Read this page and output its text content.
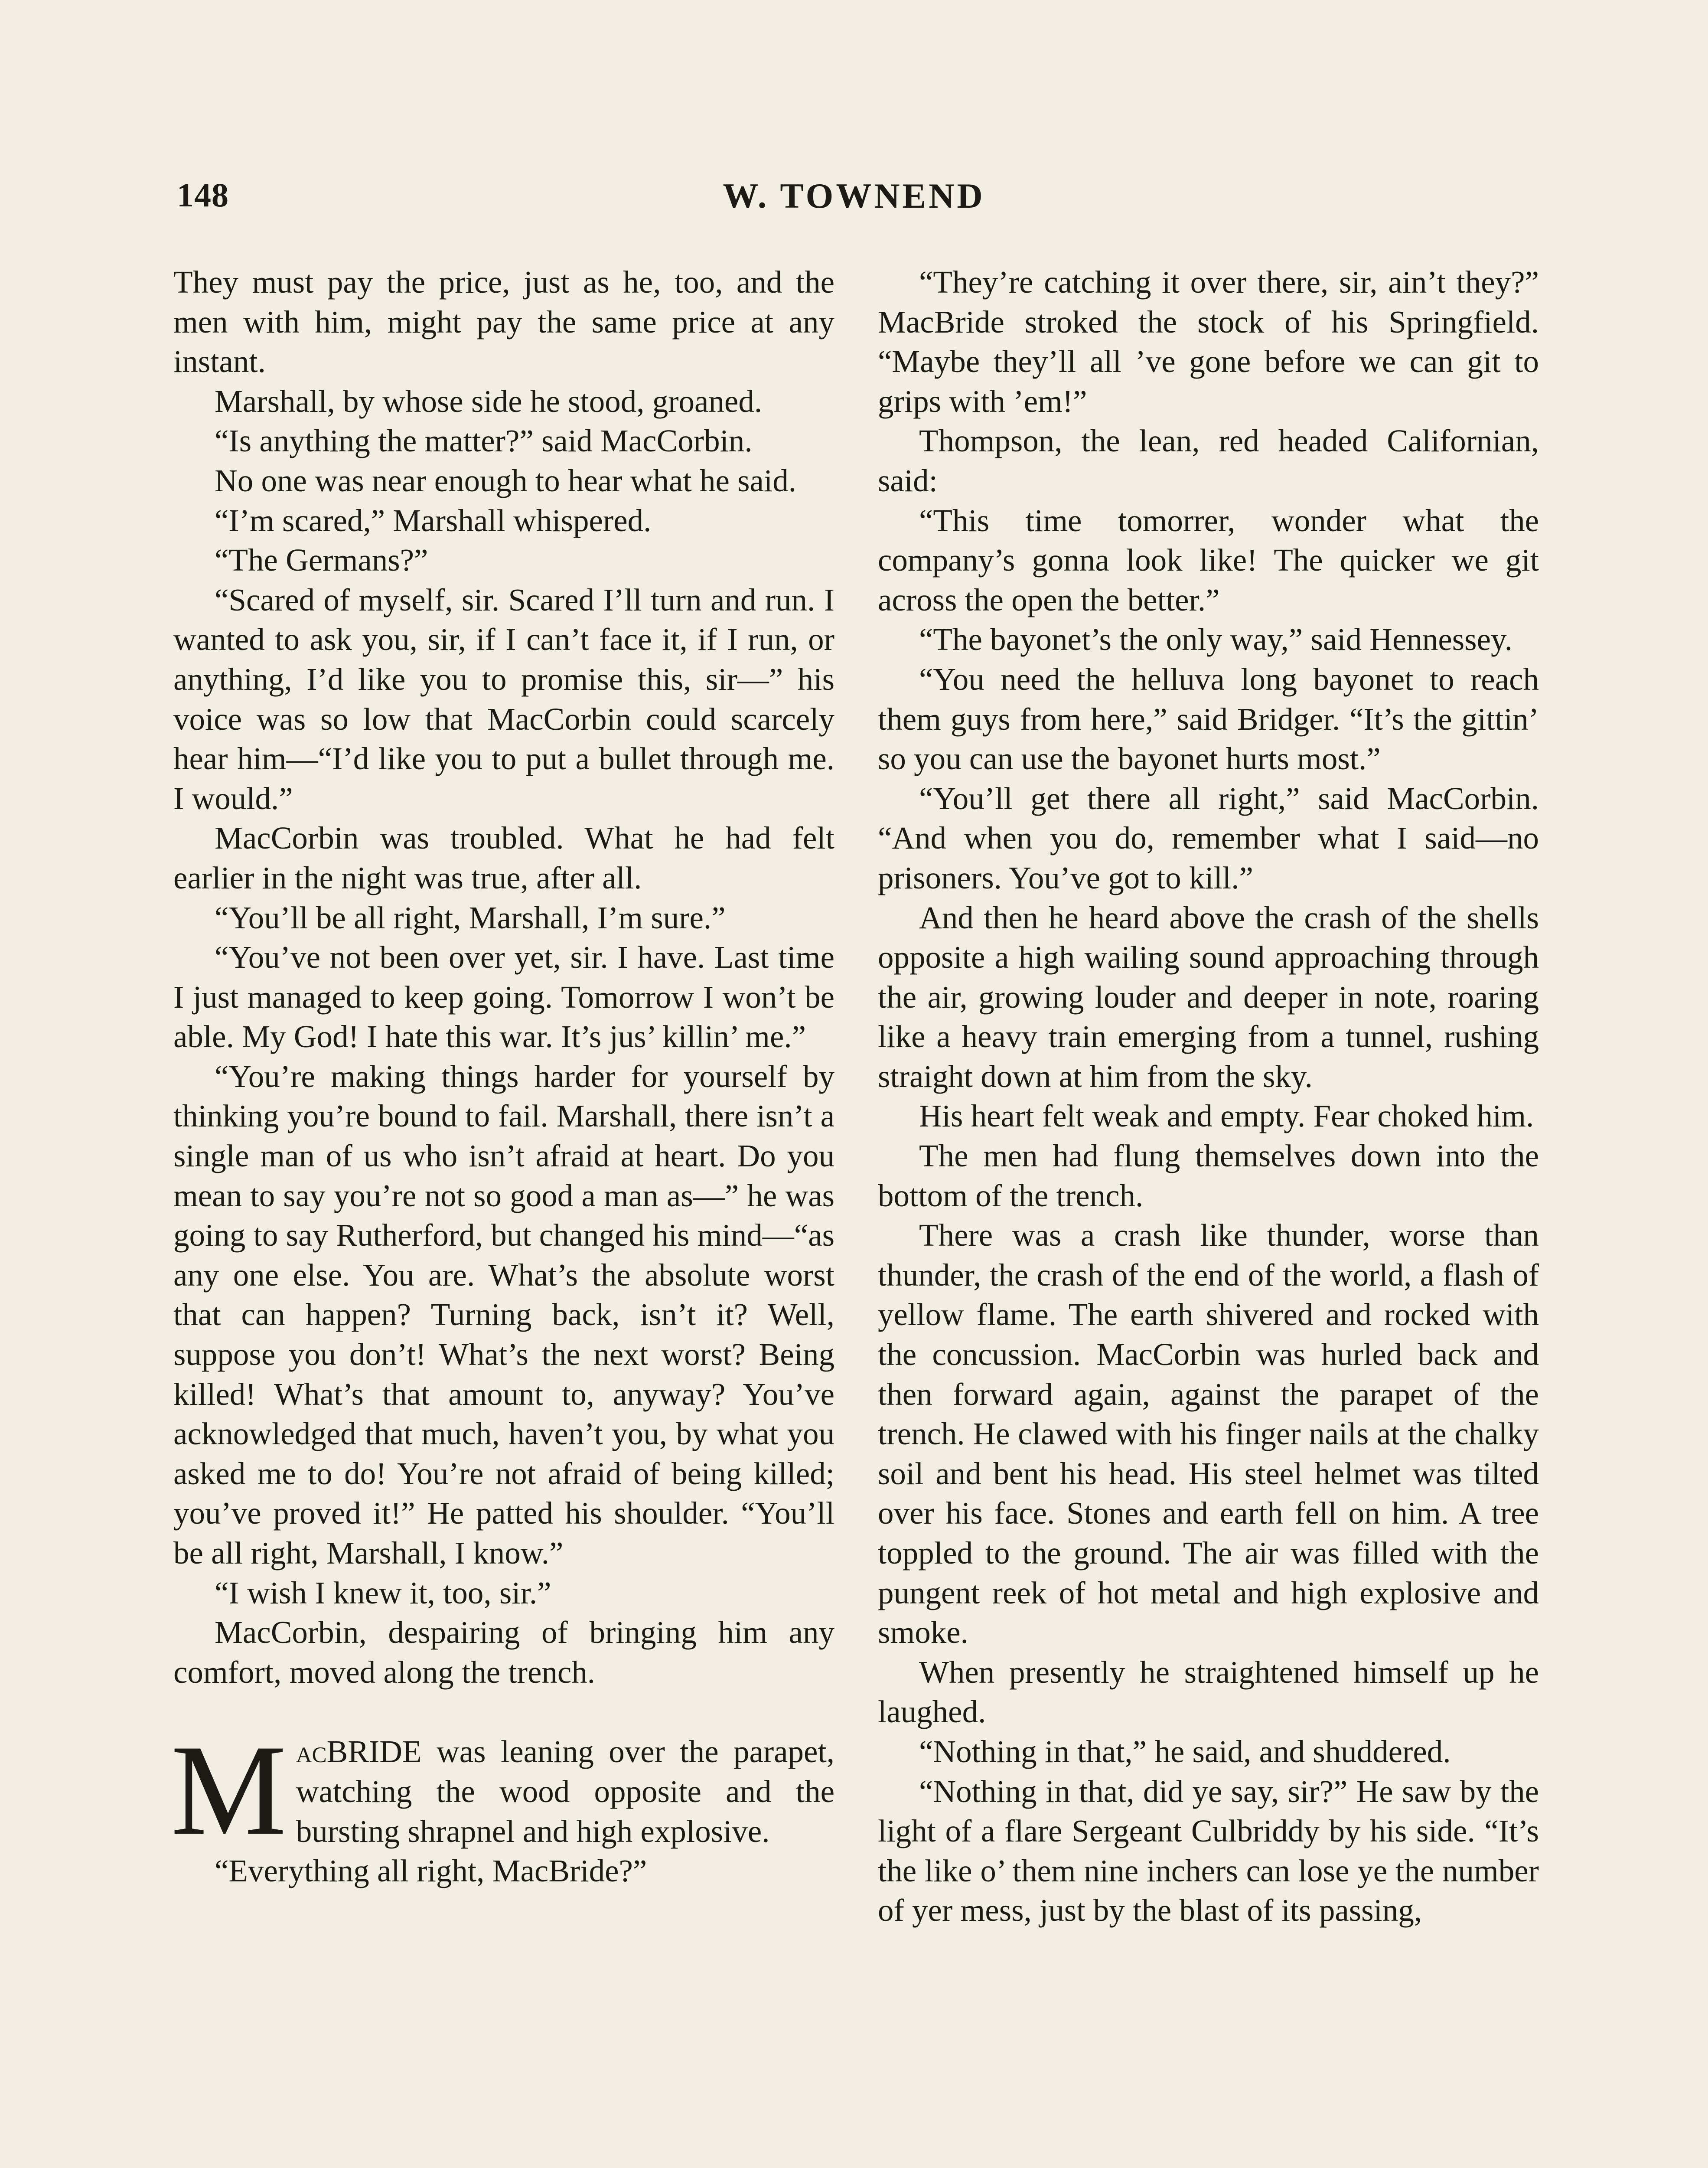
148	W. TOWNEND

They must pay the price, just as he, too, and the men with him, might pay the same price at any instant.

Marshall, by whose side he stood, groaned.

“Is anything the matter?” said MacCorbin.

No one was near enough to hear what he said.

“I’m scared,” Marshall whispered.

“The Germans?”

“Scared of myself, sir. Scared I’ll turn and run. I wanted to ask you, sir, if I can’t face it, if I run, or anything, I’d like you to promise this, sir—” his voice was so low that MacCorbin could scarcely hear him—“I’d like you to put a bullet through me. I would.”

MacCorbin was troubled. What he had felt earlier in the night was true, after all.

“You’ll be all right, Marshall, I’m sure.”

“You’ve not been over yet, sir. I have. Last time I just managed to keep going. Tomorrow I won’t be able. My God! I hate this war. It’s jus’ killin’ me.”

“You’re making things harder for yourself by thinking you’re bound to fail. Marshall, there isn’t a single man of us who isn’t afraid at heart. Do you mean to say you’re not so good a man as—” he was going to say Rutherford, but changed his mind—“as any one else. You are. What’s the absolute worst that can happen? Turning back, isn’t it? Well, suppose you don’t! What’s the next worst? Being killed! What’s that amount to, anyway? You’ve acknowledged that much, haven’t you, by what you asked me to do! You’re not afraid of being killed; you’ve proved it!” He patted his shoulder. “You’ll be all right, Marshall, I know.”

“I wish I knew it, too, sir.”

MacCorbin, despairing of bringing him any comfort, moved along the trench.

MacBRIDE was leaning over the parapet, watching the wood opposite and the bursting shrapnel and high explosive.

“Everything all right, MacBride?”

“They’re catching it over there, sir, ain’t they?” MacBride stroked the stock of his Springfield. “Maybe they’ll all ’ve gone before we can git to grips with ’em!”

Thompson, the lean, red headed Californian, said:

“This time tomorrer, wonder what the company’s gonna look like! The quicker we git across the open the better.”

“The bayonet’s the only way,” said Hennessey.

“You need the helluva long bayonet to reach them guys from here,” said Bridger. “It’s the gittin’ so you can use the bayonet hurts most.”

“You’ll get there all right,” said MacCorbin. “And when you do, remember what I said—no prisoners. You’ve got to kill.”

And then he heard above the crash of the shells opposite a high wailing sound approaching through the air, growing louder and deeper in note, roaring like a heavy train emerging from a tunnel, rushing straight down at him from the sky.

His heart felt weak and empty. Fear choked him.

The men had flung themselves down into the bottom of the trench.

There was a crash like thunder, worse than thunder, the crash of the end of the world, a flash of yellow flame. The earth shivered and rocked with the concussion. MacCorbin was hurled back and then forward again, against the parapet of the trench. He clawed with his finger nails at the chalky soil and bent his head. His steel helmet was tilted over his face. Stones and earth fell on him. A tree toppled to the ground. The air was filled with the pungent reek of hot metal and high explosive and smoke.

When presently he straightened himself up he laughed.

“Nothing in that,” he said, and shuddered.

“Nothing in that, did ye say, sir?” He saw by the light of a flare Sergeant Culbriddy by his side. “It’s the like o’ them nine inchers can lose ye the number of yer mess, just by the blast of its passing,
